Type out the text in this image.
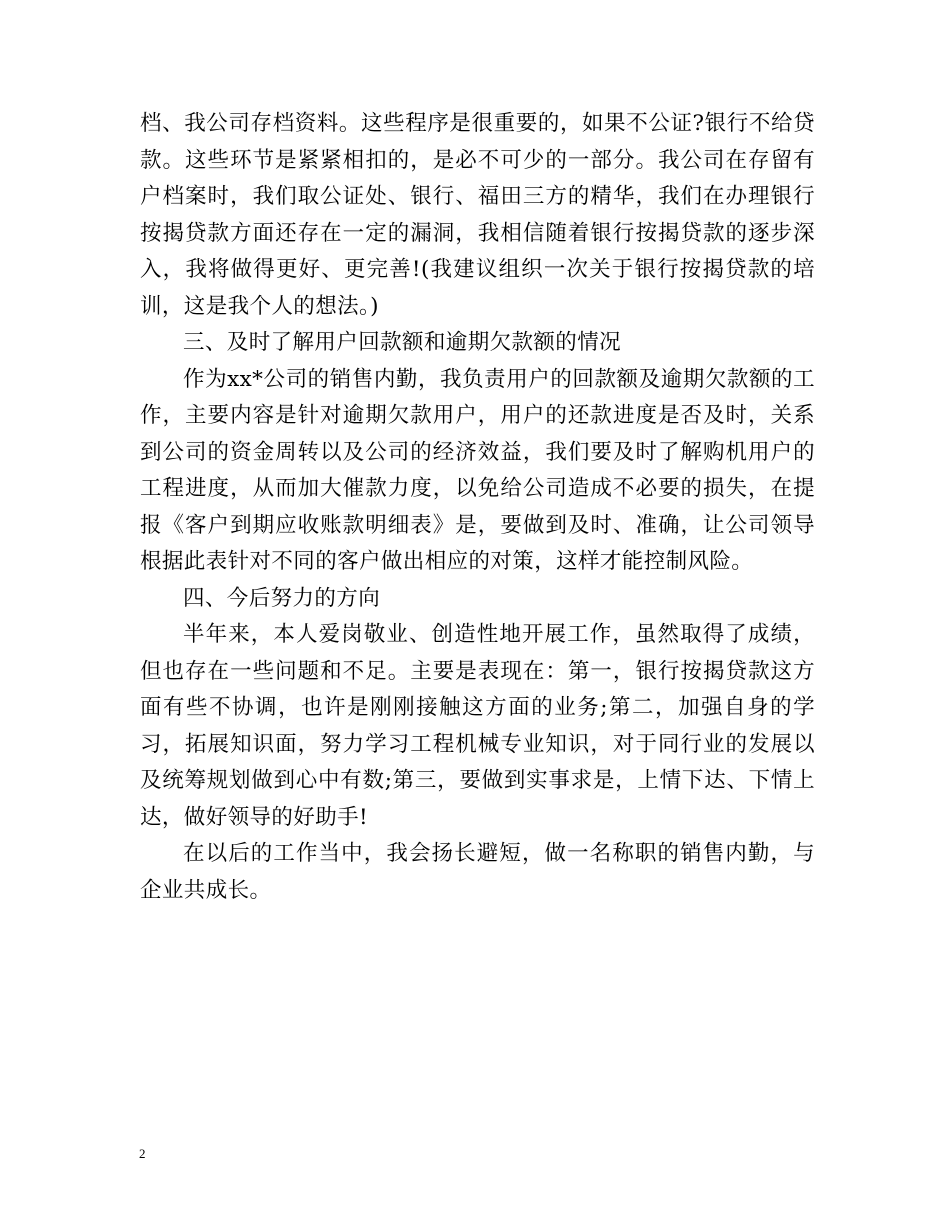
档、我公司存档资料。这些程序是很重要的，如果不公证?银行不给贷款。这些环节是紧紧相扣的，是必不可少的一部分。我公司在存留有户档案时，我们取公证处、银行、福田三方的精华，我们在办理银行按揭贷款方面还存在一定的漏洞，我相信随着银行按揭贷款的逐步深入，我将做得更好、更完善!(我建议组织一次关于银行按揭贷款的培训，这是我个人的想法。)

三、及时了解用户回款额和逾期欠款额的情况

作为xx*公司的销售内勤，我负责用户的回款额及逾期欠款额的工作，主要内容是针对逾期欠款用户，用户的还款进度是否及时，关系到公司的资金周转以及公司的经济效益，我们要及时了解购机用户的工程进度，从而加大催款力度，以免给公司造成不必要的损失，在提报《客户到期应收账款明细表》是，要做到及时、准确，让公司领导根据此表针对不同的客户做出相应的对策，这样才能控制风险。

四、今后努力的方向

半年来，本人爱岗敬业、创造性地开展工作，虽然取得了成绩，但也存在一些问题和不足。主要是表现在：第一，银行按揭贷款这方面有些不协调，也许是刚刚接触这方面的业务;第二，加强自身的学习，拓展知识面，努力学习工程机械专业知识，对于同行业的发展以及统筹规划做到心中有数;第三，要做到实事求是，上情下达、下情上达，做好领导的好助手!

在以后的工作当中，我会扬长避短，做一名称职的销售内勤，与企业共成长。

2
